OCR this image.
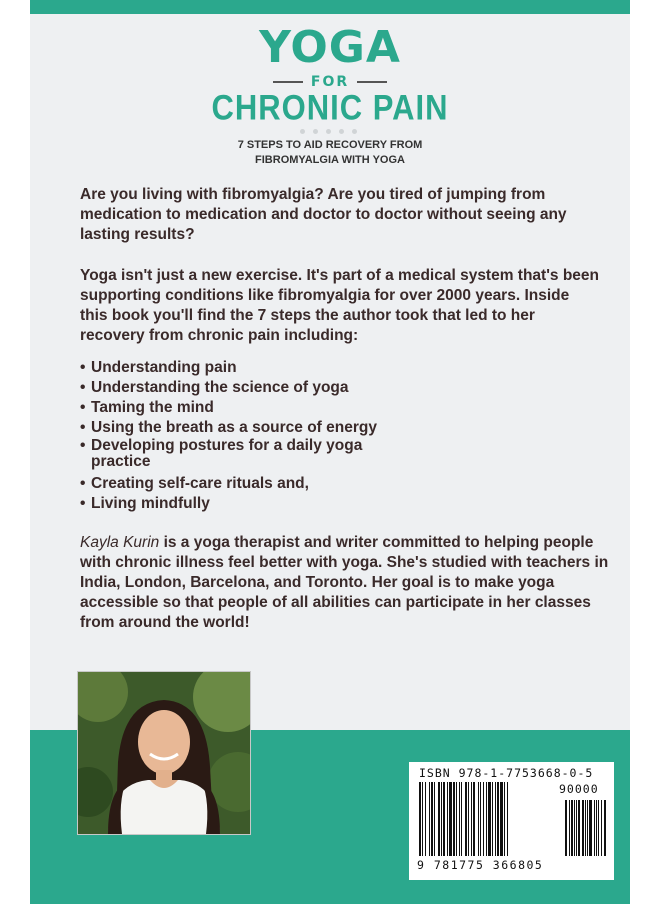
YOGA
FOR
CHRONIC PAIN
7 STEPS TO AID RECOVERY FROM
FIBROMYALGIA WITH YOGA

Are you living with fibromyalgia? Are you tired of jumping from medication to medication and doctor to doctor without seeing any lasting results?

Yoga isn't just a new exercise. It's part of a medical system that's been supporting conditions like fibromyalgia for over 2000 years. Inside this book you'll find the 7 steps the author took that led to her recovery from chronic pain including:

• Understanding pain
• Understanding the science of yoga
• Taming the mind
• Using the breath as a source of energy
• Developing postures for a daily yoga practice
• Creating self-care rituals and,
• Living mindfully

Kayla Kurin is a yoga therapist and writer committed to helping people with chronic illness feel better with yoga. She's studied with teachers in India, London, Barcelona, and Toronto. Her goal is to make yoga accessible so that people of all abilities can participate in her classes from around the world!

ISBN 978-1-7753668-0-5
90000
9 781775 366805
